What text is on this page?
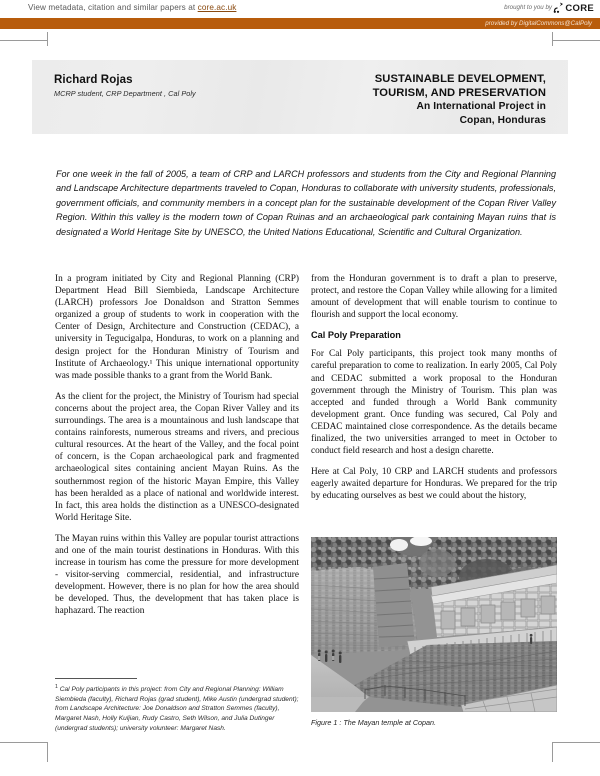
View metadata, citation and similar papers at core.ac.uk	brought to you by CORE
provided by DigitalCommons@CalPoly
Richard Rojas
MCRP student, CRP Department , Cal Poly
SUSTAINABLE DEVELOPMENT,
TOURISM, AND PRESERVATION
An International Project in
Copan, Honduras
For one week in the fall of 2005, a team of CRP and LARCH professors and students from the City and Regional Planning and Landscape Architecture departments traveled to Copan, Honduras to collaborate with university students, professionals, government officials, and community members in a concept plan for the sustainable development of the Copan River Valley Region. Within this valley is the modern town of Copan Ruinas and an archaeological park containing Mayan ruins that is designated a World Heritage Site by UNESCO, the United Nations Educational, Scientific and Cultural Organization.

In a program initiated by City and Regional Planning (CRP) Department Head Bill Siembieda, Landscape Architecture (LARCH) professors Joe Donaldson and Stratton Semmes organized a group of students to work in cooperation with the Center of Design, Architecture and Construction (CEDAC), a university in Tegucigalpa, Honduras, to work on a planning and design project for the Honduran Ministry of Tourism and Institute of Archaeology.¹ This unique international opportunity was made possible thanks to a grant from the World Bank.

As the client for the project, the Ministry of Tourism had special concerns about the project area, the Copan River Valley and its surroundings. The area is a mountainous and lush landscape that contains rainforests, numerous streams and rivers, and precious cultural resources. At the heart of the Valley, and the focal point of concern, is the Copan archaeological park and fragmented archaeological sites containing ancient Mayan Ruins. As the southernmost region of the historic Mayan Empire, this Valley has been heralded as a place of national and worldwide interest. In fact, this area holds the distinction as a UNESCO-designated World Heritage Site.

The Mayan ruins within this Valley are popular tourist attractions and one of the main tourist destinations in Honduras. With this increase in tourism has come the pressure for more development - visitor-serving commercial, residential, and infrastructure development. However, there is no plan for how the area should be developed. Thus, the development that has taken place is haphazard. The reaction

$^1$ Cal Poly participants in this project: from City and Regional Planning: William Siembieda (faculty), Richard Rojas (grad student), Mike Austin (undergrad student); from Landscape Architecture: Joe Donaldson and Stratton Semmes (faculty), Margaret Nash, Holly Kuljian, Rudy Castro, Seth Wilson, and Julia Dutinger (undergrad students); university volunteer: Margaret Nash.

from the Honduran government is to draft a plan to preserve, protect, and restore the Copan Valley while allowing for a limited amount of development that will enable tourism to continue to flourish and support the local economy.

Cal Poly Preparation

For Cal Poly participants, this project took many months of careful preparation to come to realization. In early 2005, Cal Poly and CEDAC submitted a work proposal to the Honduran government through the Ministry of Tourism. This plan was accepted and funded through a World Bank community development grant. Once funding was secured, Cal Poly and CEDAC maintained close correspondence. As the details became finalized, the two universities arranged to meet in October to conduct field research and host a design charette.

Here at Cal Poly, 10 CRP and LARCH students and professors eagerly awaited departure for Honduras. We prepared for the trip by educating ourselves as best we could about the history,

Figure 1 : The Mayan temple at Copan.
